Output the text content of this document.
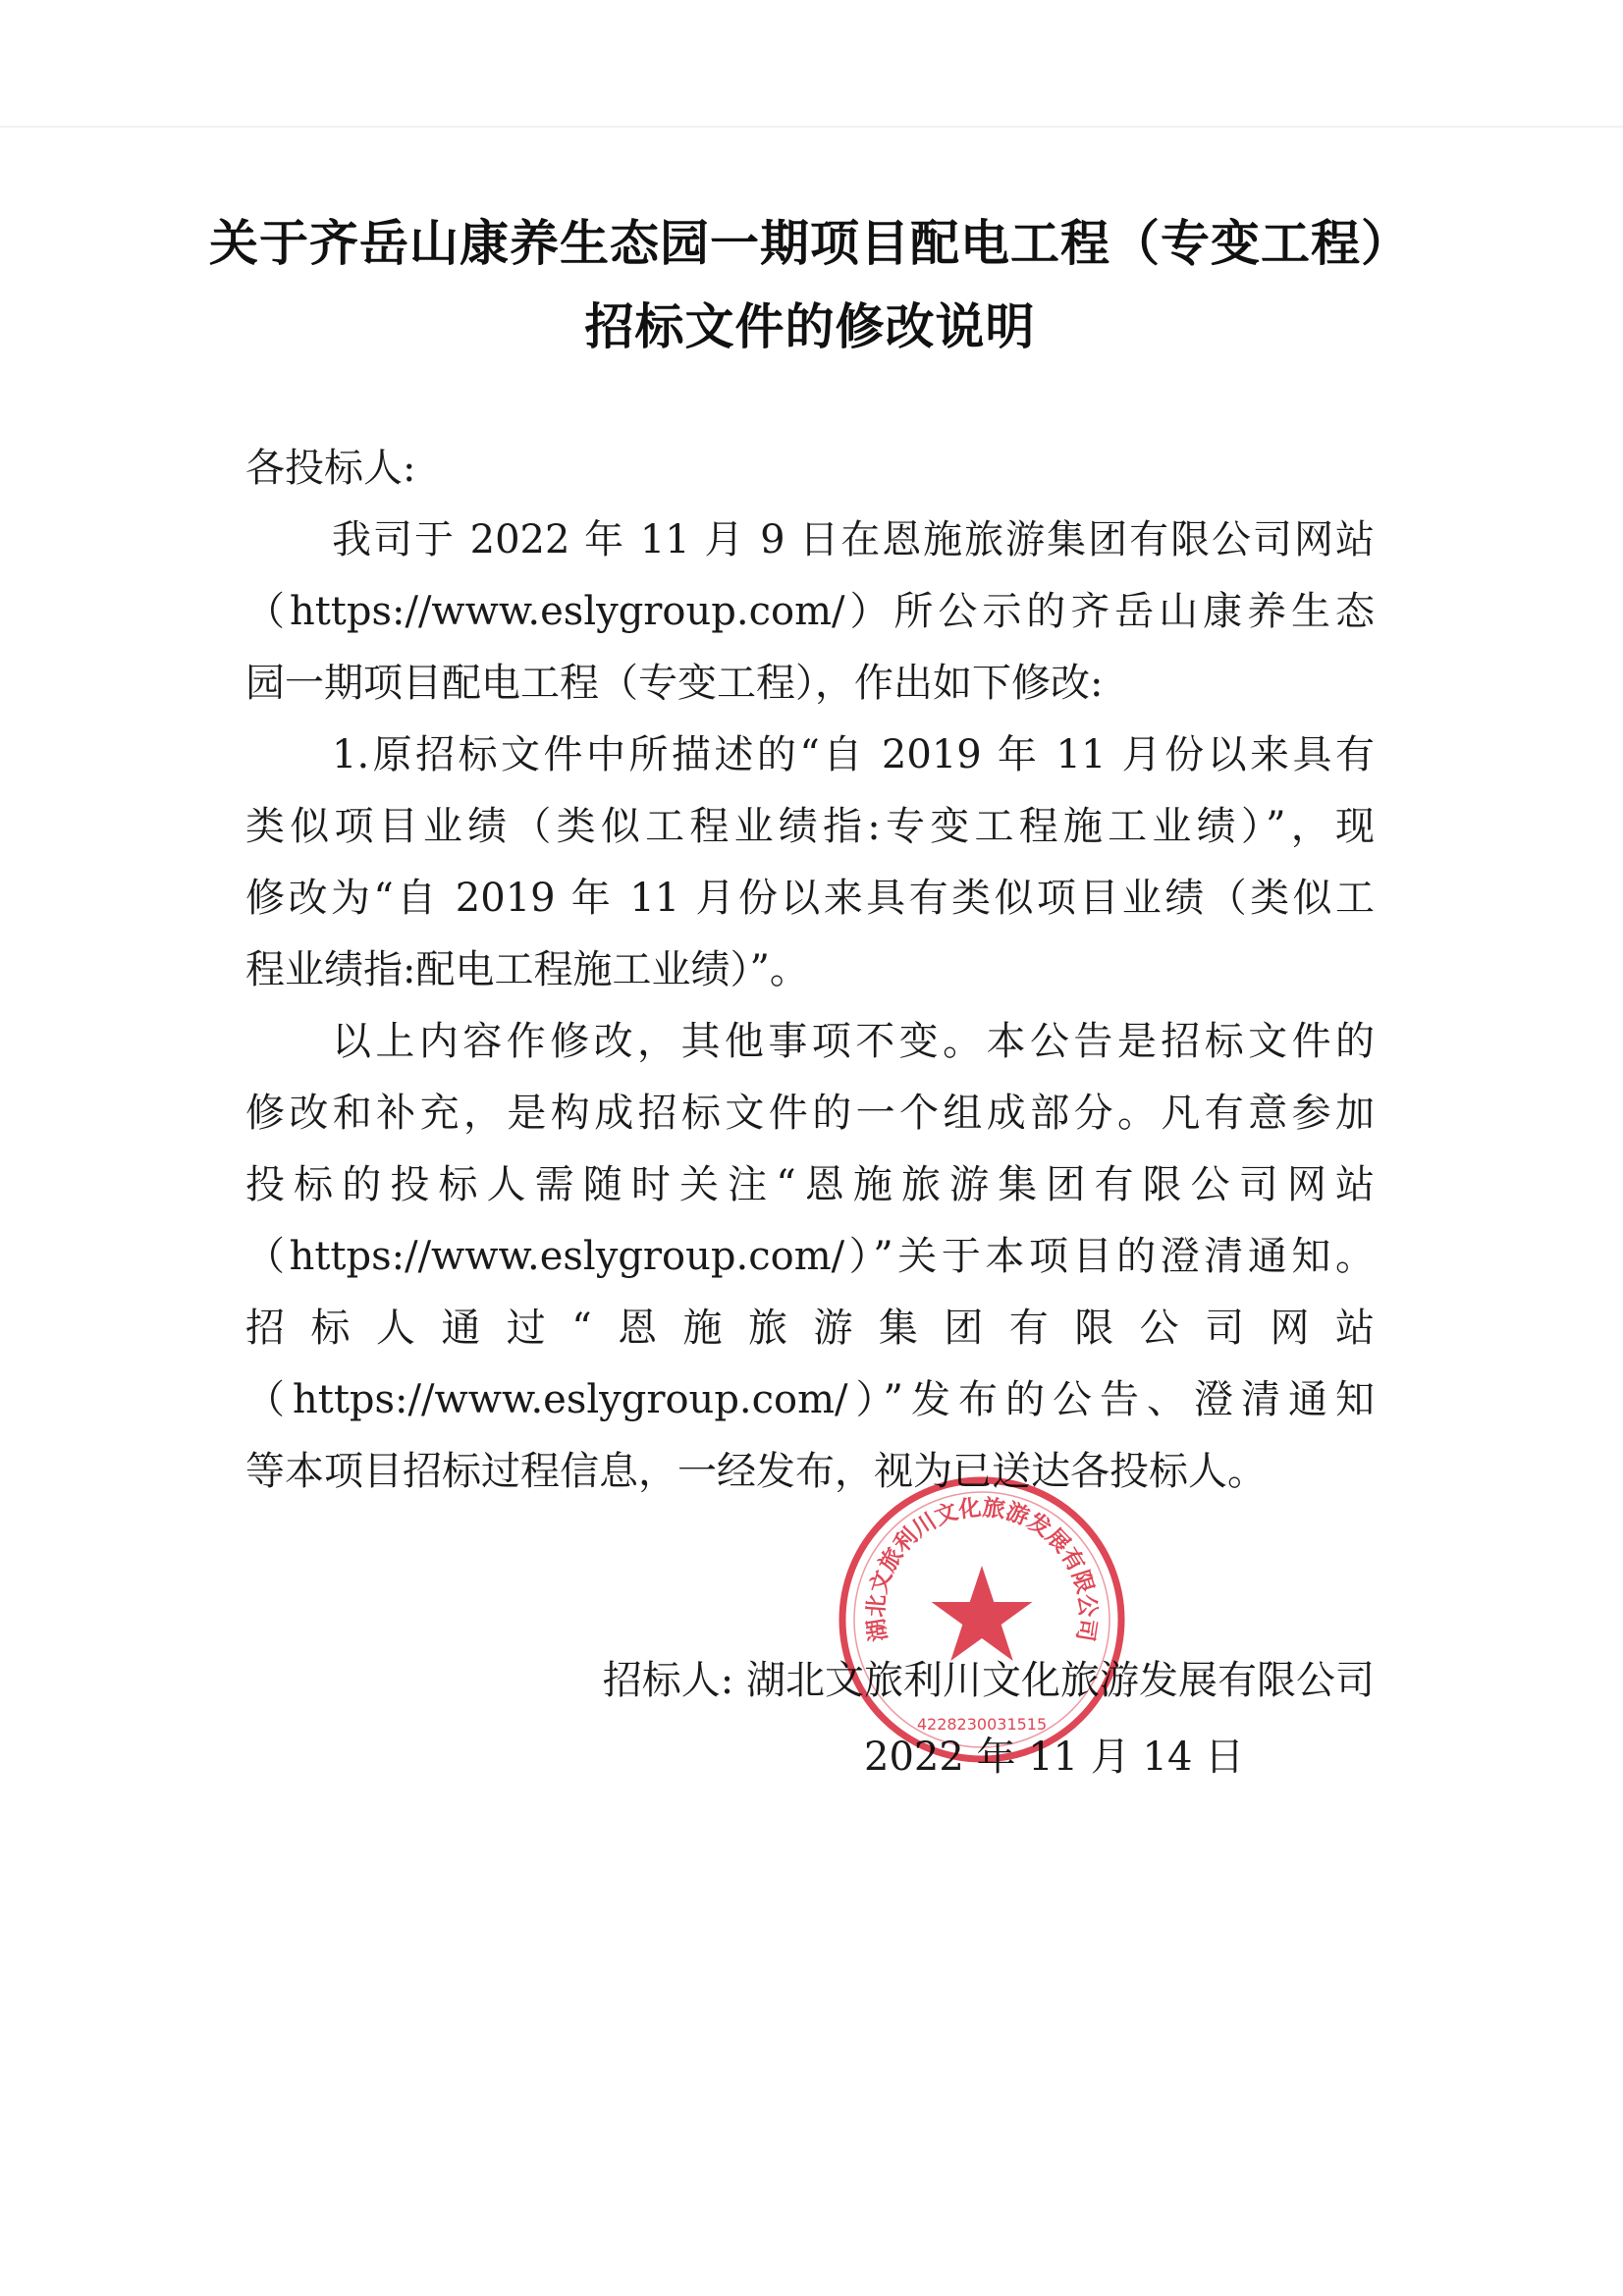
关于齐岳山康养生态园一期项目配电工程（专变工程）
招标文件的修改说明
各投标人:
我司于 2022 年 11 月 9 日在恩施旅游集团有限公司网站
（https://www.eslygroup.com/）所公示的齐岳山康养生态
园一期项目配电工程（专变工程），作出如下修改:
1.原招标文件中所描述的“自 2019 年 11 月份以来具有
类似项目业绩（类似工程业绩指:专变工程施工业绩）”，现
修改为“自 2019 年 11 月份以来具有类似项目业绩（类似工
程业绩指:配电工程施工业绩）”。
以上内容作修改，其他事项不变。本公告是招标文件的
修改和补充，是构成招标文件的一个组成部分。凡有意参加
投标的投标人需随时关注“恩施旅游集团有限公司网站
（https://www.eslygroup.com/）”关于本项目的澄清通知。
招标人通过“恩施旅游集团有限公司网站
（https://www.eslygroup.com/）”发布的公告、澄清通知
等本项目招标过程信息，一经发布，视为已送达各投标人。
招标人: 湖北文旅利川文化旅游发展有限公司
2022 年 11 月 14 日
湖北文旅利川文化旅游发展有限公司
4228230031515
